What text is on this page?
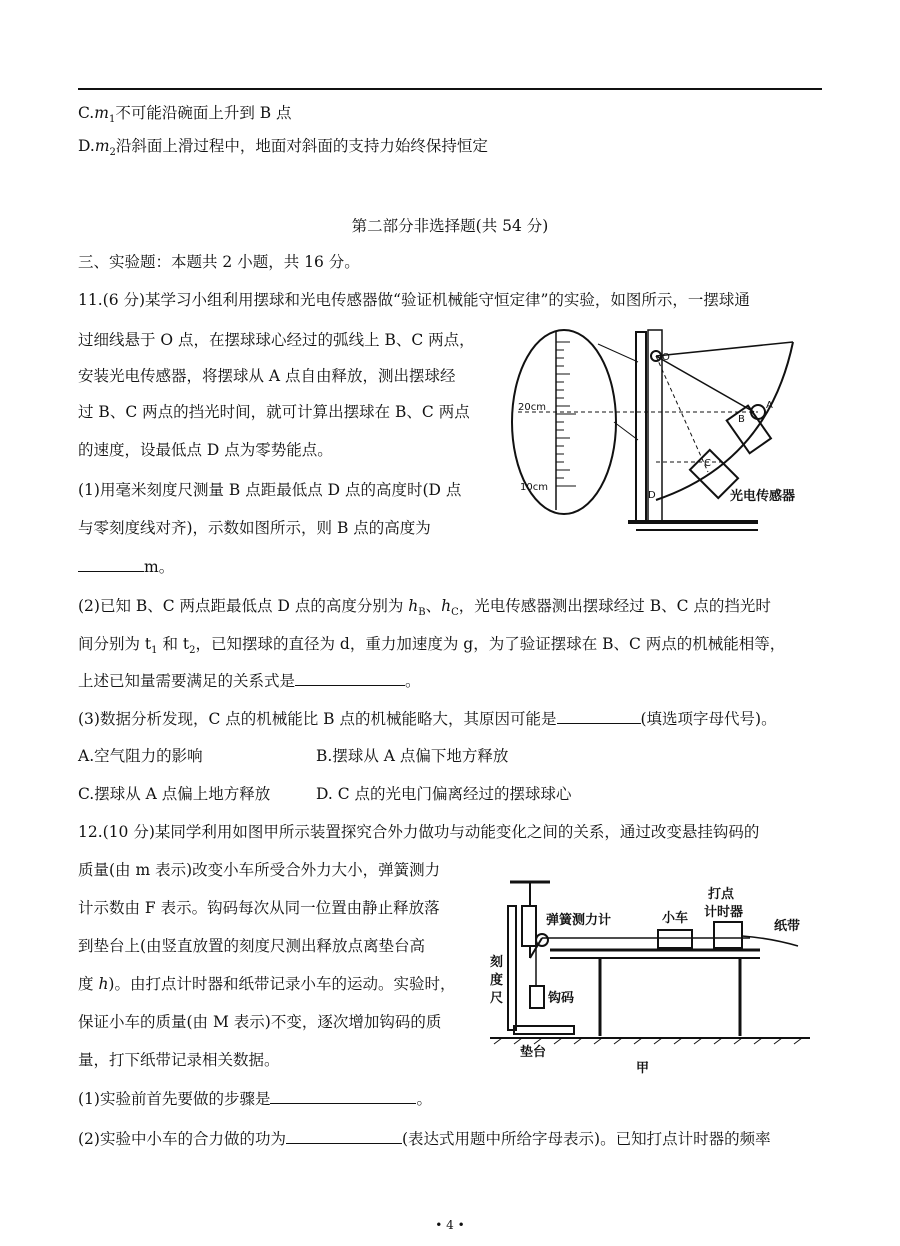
$C.m_1$不可能沿碗面上升到 B 点
$D.m_2$沿斜面上滑过程中，地面对斜面的支持力始终保持恒定
第二部分非选择题(共 54 分)
三、实验题：本题共 2 小题，共 16 分。
11.(6 分)某学习小组利用摆球和光电传感器做“验证机械能守恒定律”的实验，如图所示，一摆球通
过细线悬于 O 点，在摆球球心经过的弧线上 B、C 两点，
安装光电传感器，将摆球从 A 点自由释放，测出摆球经
过 B、C 两点的挡光时间，就可计算出摆球在 B、C 两点
的速度，设最低点 D 点为零势能点。
(1)用毫米刻度尺测量 B 点距最低点 D 点的高度时(D 点
与零刻度线对齐)，示数如图所示，则 B 点的高度为
m。
(2)已知 B、C 两点距最低点 D 点的高度分别为 $h_B$、$h_C$，光电传感器测出摆球经过 B、C 点的挡光时
间分别为 $t_1$ 和 $t_2$，已知摆球的直径为 d，重力加速度为 g，为了验证摆球在 B、C 两点的机械能相等，
上述已知量需要满足的关系式是	。
(3)数据分析发现，C 点的机械能比 B 点的机械能略大，其原因可能是	(填选项字母代号)。
A.空气阻力的影响	B.摆球从 A 点偏下地方释放
C.摆球从 A 点偏上地方释放	D. C 点的光电门偏离经过的摆球球心
12.(10 分)某同学利用如图甲所示装置探究合外力做功与动能变化之间的关系，通过改变悬挂钩码的
质量(由 m 表示)改变小车所受合外力大小，弹簧测力
计示数由 F 表示。钩码每次从同一位置由静止释放落
到垫台上(由竖直放置的刻度尺测出释放点离垫台高
度 h)。由打点计时器和纸带记录小车的运动。实验时，
保证小车的质量(由 M 表示)不变，逐次增加钩码的质
量，打下纸带记录相关数据。
(1)实验前首先要做的步骤是	。
(2)实验中小车的合力做的功为	(表达式用题中所给字母表示)。已知打点计时器的频率
O
A
B
C
D
20cm
10cm
光电传感器
弹簧测力计	小车
打点
计时器
纸带
刻
度
尺	钩码
垫台
甲
• 4 •
